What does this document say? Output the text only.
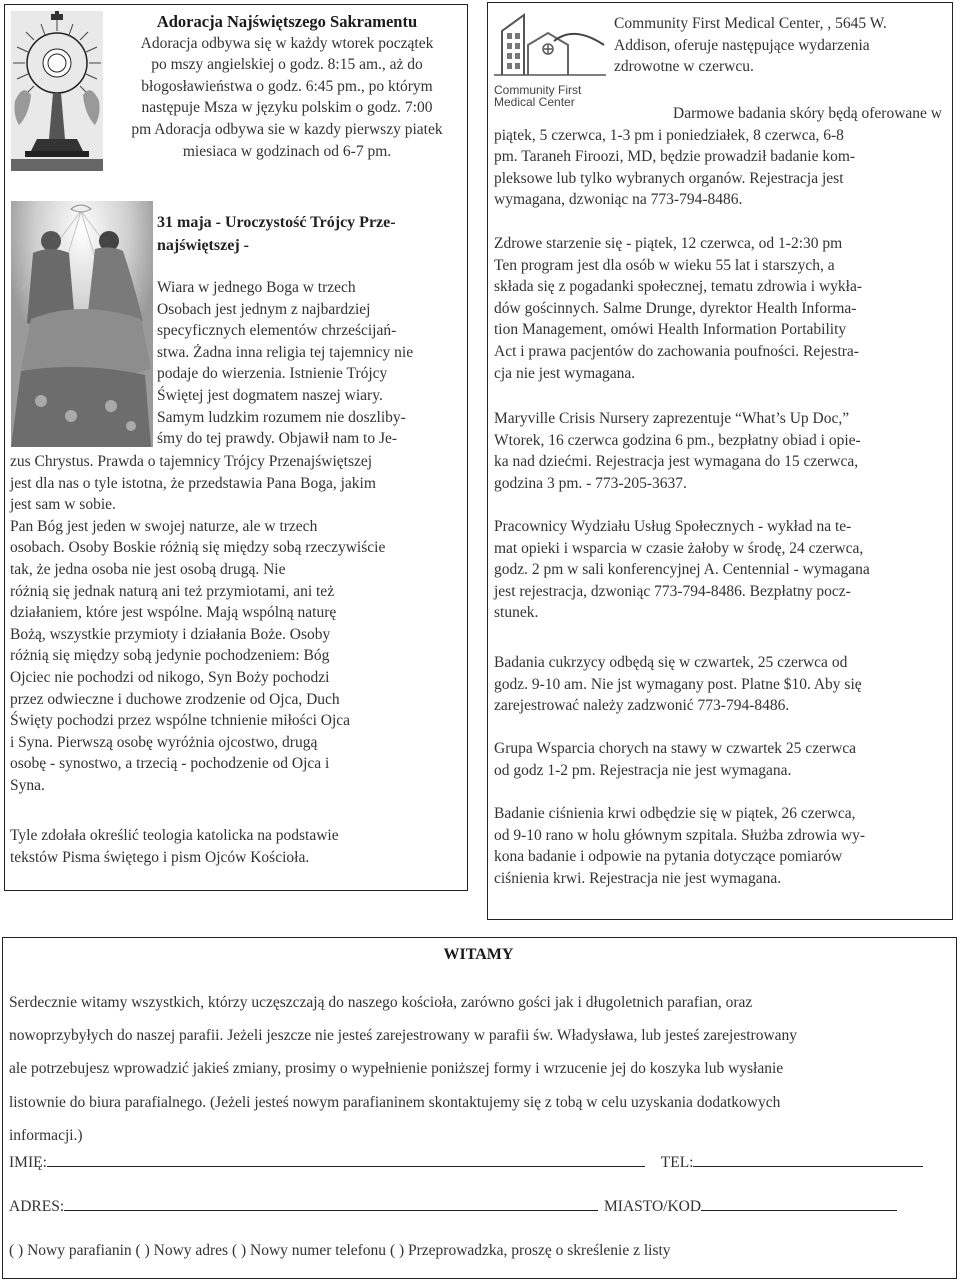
Adoracja Najświętszego Sakramentu
Adoracja odbywa się w każdy wtorek początek
po mszy angielskiej o godz. 8:15 am., aż do
błogosławieństwa o godz. 6:45 pm., po którym
następuje Msza w języku polskim o godz. 7:00
pm Adoracja odbywa sie w kazdy pierwszy piatek
miesiaca w godzinach od 6-7 pm.
31 maja - Uroczystość Trójcy Prze-
najświętszej -
Wiara w jednego Boga w trzech
Osobach jest jednym z najbardziej
specyficznych elementów chrześcijań-
stwa. Żadna inna religia tej tajemnicy nie
podaje do wierzenia. Istnienie Trójcy
Świętej jest dogmatem naszej wiary.
Samym ludzkim rozumem nie doszliby-
śmy do tej prawdy. Objawił nam to Je-
zus Chrystus. Prawda o tajemnicy Trójcy Przenajświętszej
jest dla nas o tyle istotna, że przedstawia Pana Boga, jakim
jest sam w sobie.
Pan Bóg jest jeden w swojej naturze, ale w trzech
osobach. Osoby Boskie różnią się między sobą rzeczywiście
tak, że jedna osoba nie jest osobą drugą. Nie
różnią się jednak naturą ani też przymiotami, ani też
działaniem, które jest wspólne. Mają wspólną naturę
Bożą, wszystkie przymioty i działania Boże. Osoby
różnią się między sobą jedynie pochodzeniem: Bóg
Ojciec nie pochodzi od nikogo, Syn Boży pochodzi
przez odwieczne i duchowe zrodzenie od Ojca, Duch
Święty pochodzi przez wspólne tchnienie miłości Ojca
i Syna. Pierwszą osobę wyróżnia ojcostwo, drugą
osobę - synostwo, a trzecią - pochodzenie od Ojca i
Syna.
Tyle zdołała określić teologia katolicka na podstawie
tekstów Pisma świętego i pism Ojców Kościoła.
Community First
Medical Center
Community First Medical Center, , 5645 W.
Addison, oferuje następujące wydarzenia
zdrowotne w czerwcu.
Darmowe badania skóry będą oferowane w
piątek, 5 czerwca, 1-3 pm i poniedziałek, 8 czerwca, 6-8
pm. Taraneh Firoozi, MD, będzie prowadził badanie kom-
pleksowe lub tylko wybranych organów. Rejestracja jest
wymagana, dzwoniąc na 773-794-8486.
Zdrowe starzenie się - piątek, 12 czerwca, od 1-2:30 pm
Ten program jest dla osób w wieku 55 lat i starszych, a
składa się z pogadanki społecznej, tematu zdrowia i wykła-
dów gościnnych. Salme Drunge, dyrektor Health Informa-
tion Management, omówi Health Information Portability
Act i prawa pacjentów do zachowania poufności. Rejestra-
cja nie jest wymagana.
Maryville Crisis Nursery zaprezentuje “What’s Up Doc,”
Wtorek, 16 czerwca godzina 6 pm., bezpłatny obiad i opie-
ka nad dziećmi. Rejestracja jest wymagana do 15 czerwca,
godzina 3 pm. - 773-205-3637.
Pracownicy Wydziału Usług Społecznych - wykład na te-
mat opieki i wsparcia w czasie żałoby w środę, 24 czerwca,
godz. 2 pm w sali konferencyjnej A. Centennial - wymagana
jest rejestracja, dzwoniąc 773-794-8486. Bezpłatny pocz-
stunek.
Badania cukrzycy odbędą się w czwartek, 25 czerwca od
godz. 9-10 am. Nie jst wymagany post. Platne $10. Aby się
zarejestrować należy zadzwonić 773-794-8486.
Grupa Wsparcia chorych na stawy w czwartek 25 czerwca
od godz 1-2 pm. Rejestracja nie jest wymagana.
Badanie ciśnienia krwi odbędzie się w piątek, 26 czerwca,
od 9-10 rano w holu głównym szpitala. Służba zdrowia wy-
kona badanie i odpowie na pytania dotyczące pomiarów
ciśnienia krwi. Rejestracja nie jest wymagana.
WITAMY
Serdecznie witamy wszystkich, którzy uczęszczają do naszego kościoła, zarówno gości jak i długoletnich parafian, oraz
nowoprzybyłych do naszej parafii. Jeżeli jeszcze nie jesteś zarejestrowany w parafii św. Władysława, lub jesteś zarejestrowany
ale potrzebujesz wprowadzić jakieś zmiany, prosimy o wypełnienie poniższej formy i wrzucenie jej do koszyka lub wysłanie
listownie do biura parafialnego. (Jeżeli jesteś nowym parafianinem skontaktujemy się z tobą w celu uzyskania dodatkowych
informacji.)
IMIĘ:	TEL:
ADRES:	MIASTO/KOD
( ) Nowy parafianin ( ) Nowy adres ( ) Nowy numer telefonu ( ) Przeprowadzka, proszę o skreślenie z listy
